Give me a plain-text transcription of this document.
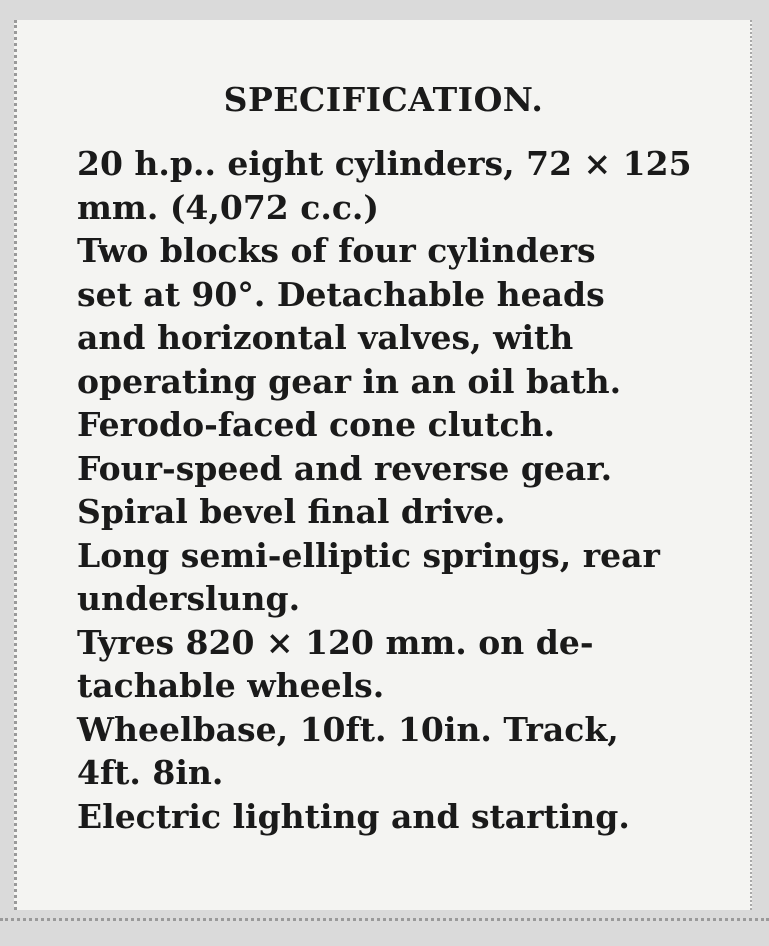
SPECIFICATION.
20 h.p.. eight cylinders, 72 × 125
mm. (4,072 c.c.)
Two blocks of four cylinders
set at 90°. Detachable heads
and horizontal valves, with
operating gear in an oil bath.
Ferodo-faced cone clutch.
Four-speed and reverse gear.
Spiral bevel final drive.
Long semi-elliptic springs, rear
underslung.
Tyres 820 × 120 mm. on de-
tachable wheels.
Wheelbase, 10ft. 10in. Track,
4ft. 8in.
Electric lighting and starting.
